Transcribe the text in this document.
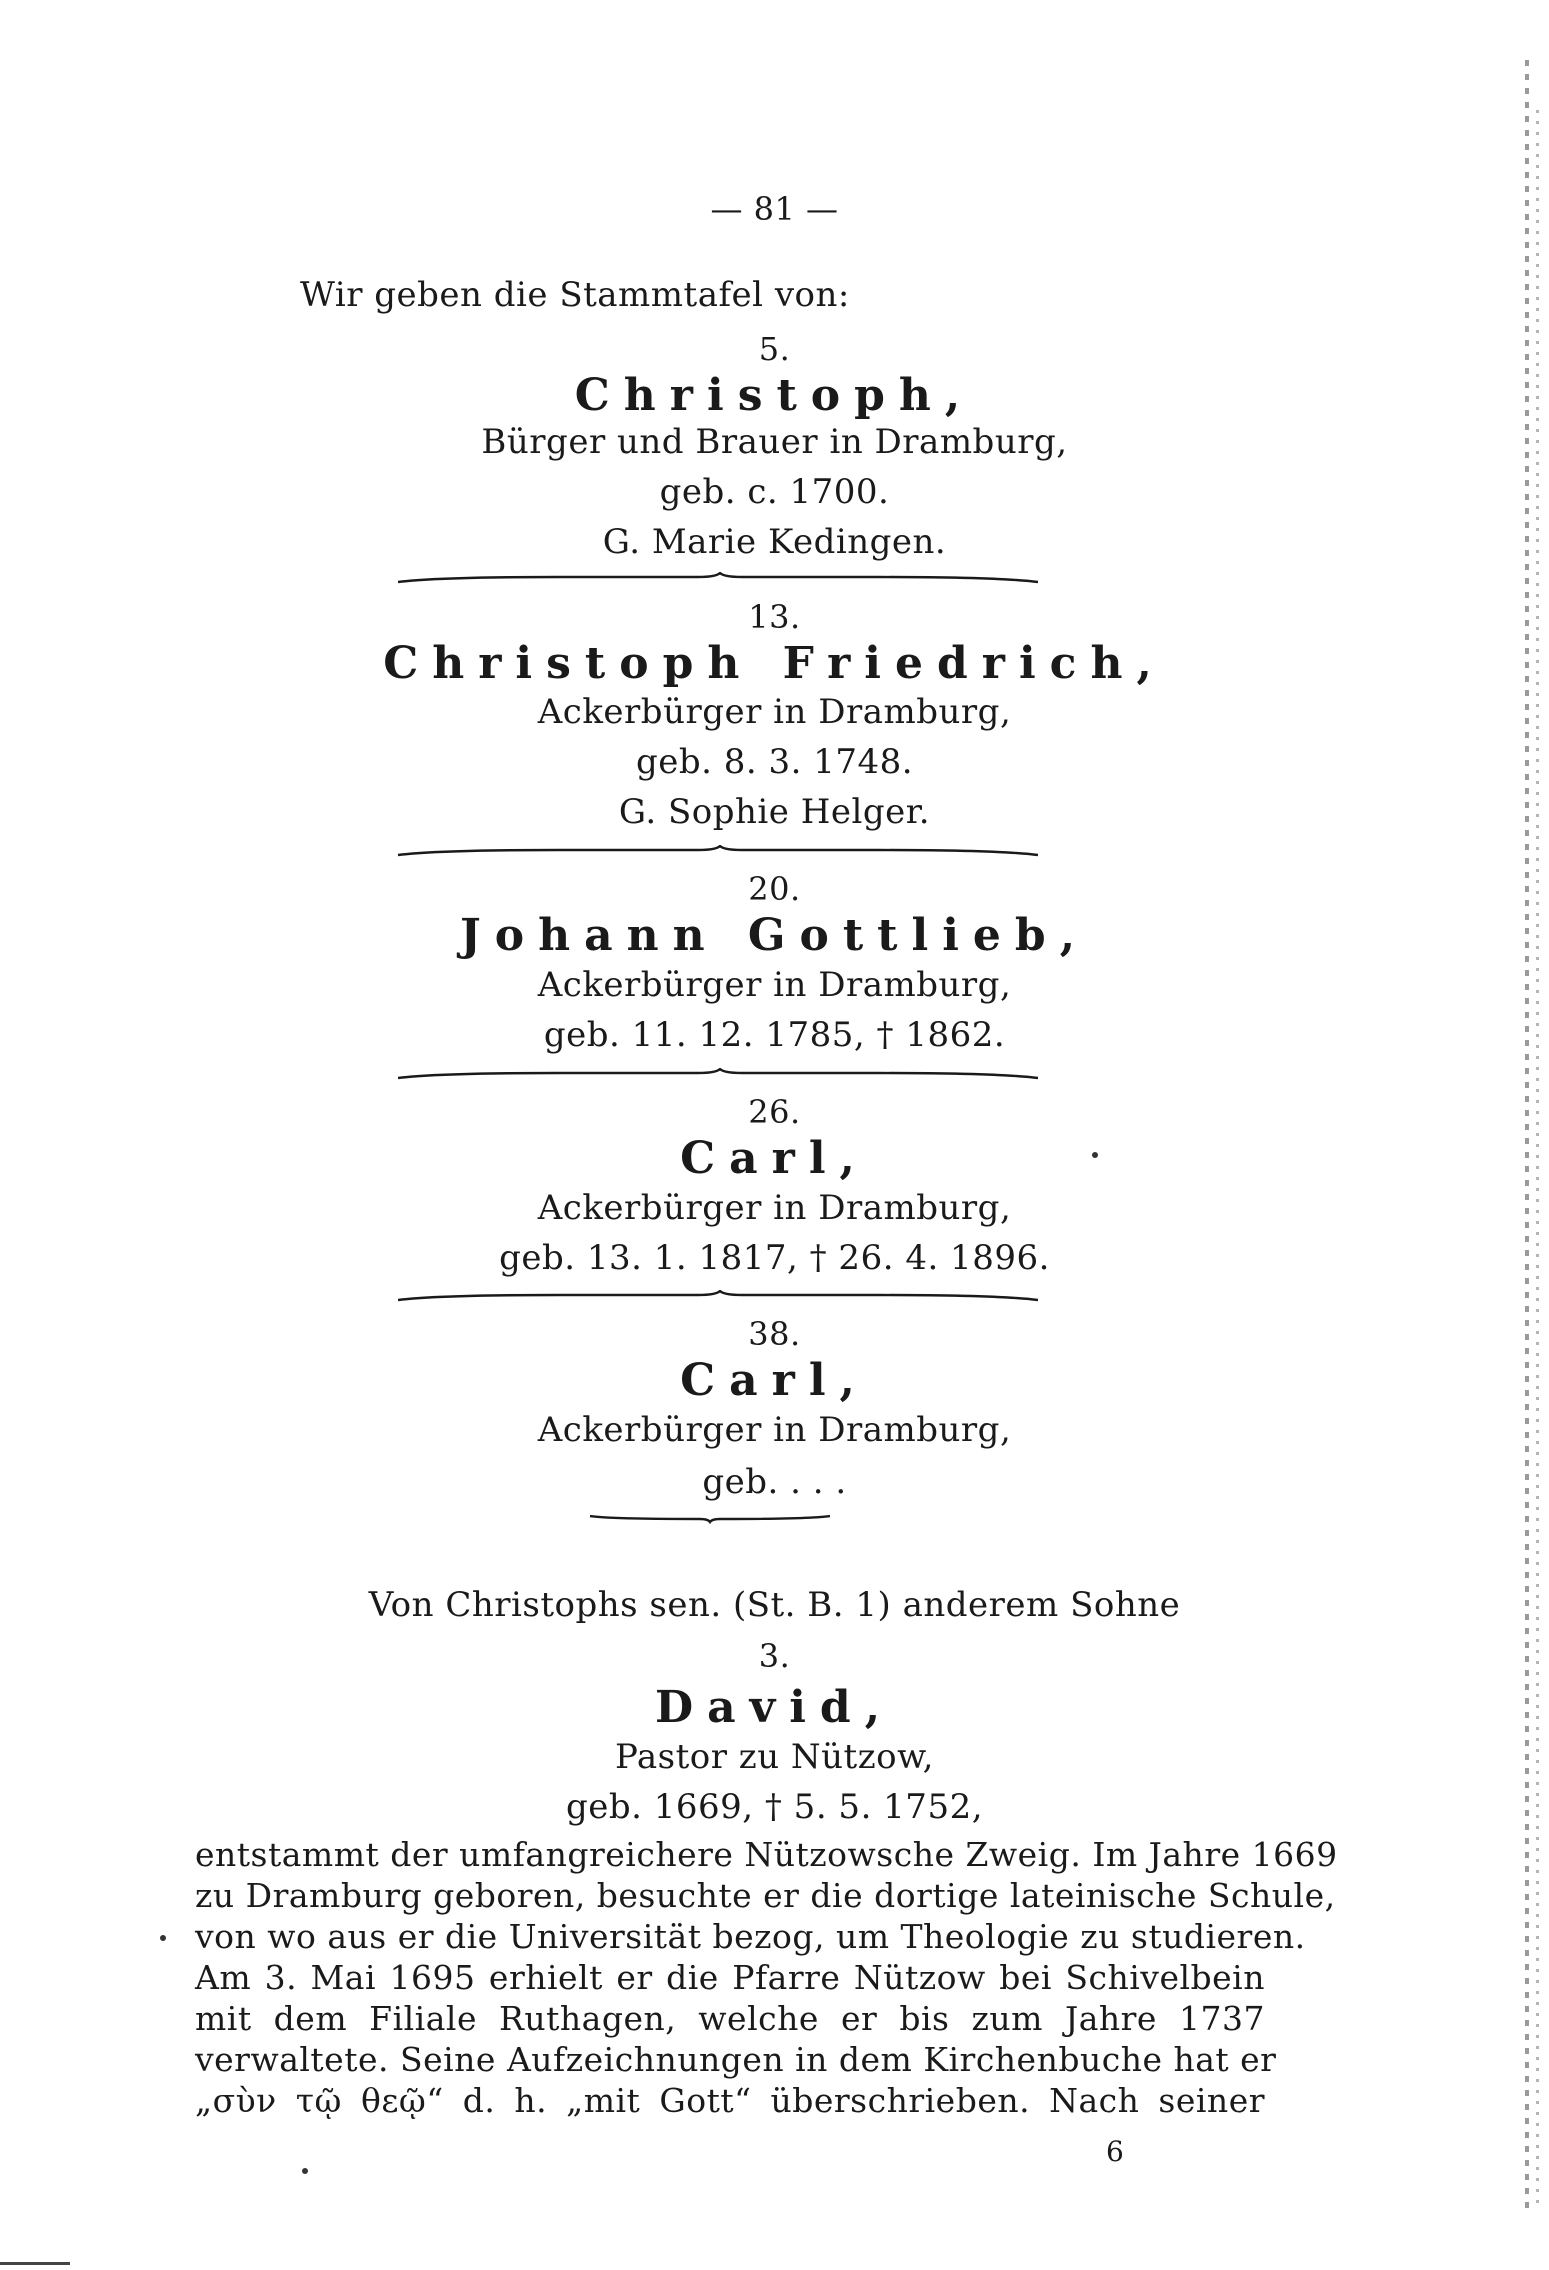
— 81 —
Wir geben die Stammtafel von:
5.
Christoph,
Bürger und Brauer in Dramburg,
geb. c. 1700.
G. Marie Kedingen.
13.
Christoph Friedrich,
Ackerbürger in Dramburg,
geb. 8. 3. 1748.
G. Sophie Helger.
20.
Johann Gottlieb,
Ackerbürger in Dramburg,
geb. 11. 12. 1785, † 1862.
26.
Carl,
Ackerbürger in Dramburg,
geb. 13. 1. 1817, † 26. 4. 1896.
38.
Carl,
Ackerbürger in Dramburg,
geb. . . .
Von Christophs sen. (St. B. 1) anderem Sohne
3.
David,
Pastor zu Nützow,
geb. 1669, † 5. 5. 1752,
entstammt der umfangreichere Nützowsche Zweig. Im Jahre 1669
zu Dramburg geboren, besuchte er die dortige lateinische Schule,
von wo aus er die Universität bezog, um Theologie zu studieren.
Am 3. Mai 1695 erhielt er die Pfarre Nützow bei Schivelbein
mit dem Filiale Ruthagen, welche er bis zum Jahre 1737
verwaltete. Seine Aufzeichnungen in dem Kirchenbuche hat er
„σὺν τῷ θεῷ“ d. h. „mit Gott“ überschrieben. Nach seiner
6
